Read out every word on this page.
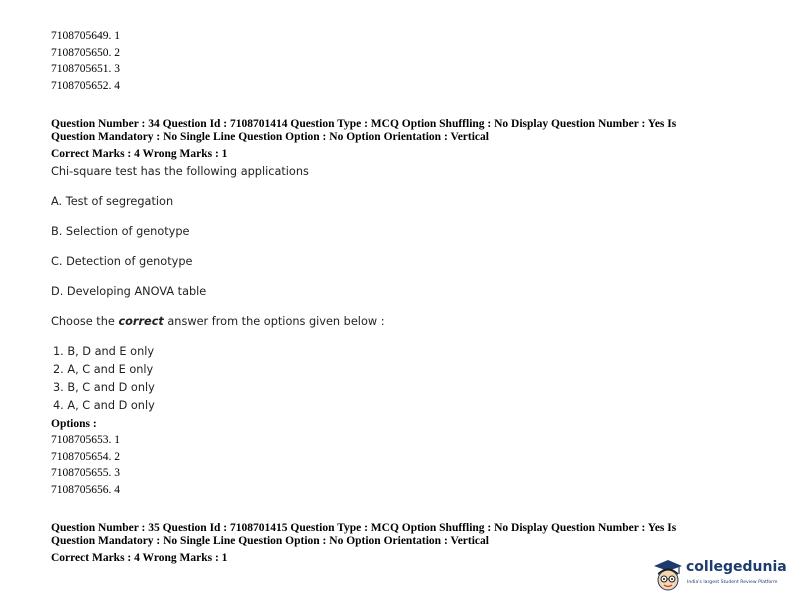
7108705649. 1
7108705650. 2
7108705651. 3
7108705652. 4
Question Number : 34 Question Id : 7108701414 Question Type : MCQ Option Shuffling : No Display Question Number : Yes Is
Question Mandatory : No Single Line Question Option : No Option Orientation : Vertical
Correct Marks : 4 Wrong Marks : 1
Chi-square test has the following applications
A. Test of segregation
B. Selection of genotype
C. Detection of genotype
D. Developing ANOVA table
Choose the correct answer from the options given below :
1. B, D and E only
2. A, C and E only
3. B, C and D only
4. A, C and D only
Options :
7108705653. 1
7108705654. 2
7108705655. 3
7108705656. 4
Question Number : 35 Question Id : 7108701415 Question Type : MCQ Option Shuffling : No Display Question Number : Yes Is
Question Mandatory : No Single Line Question Option : No Option Orientation : Vertical
Correct Marks : 4 Wrong Marks : 1
collegedunia
India's largest Student Review Platform
